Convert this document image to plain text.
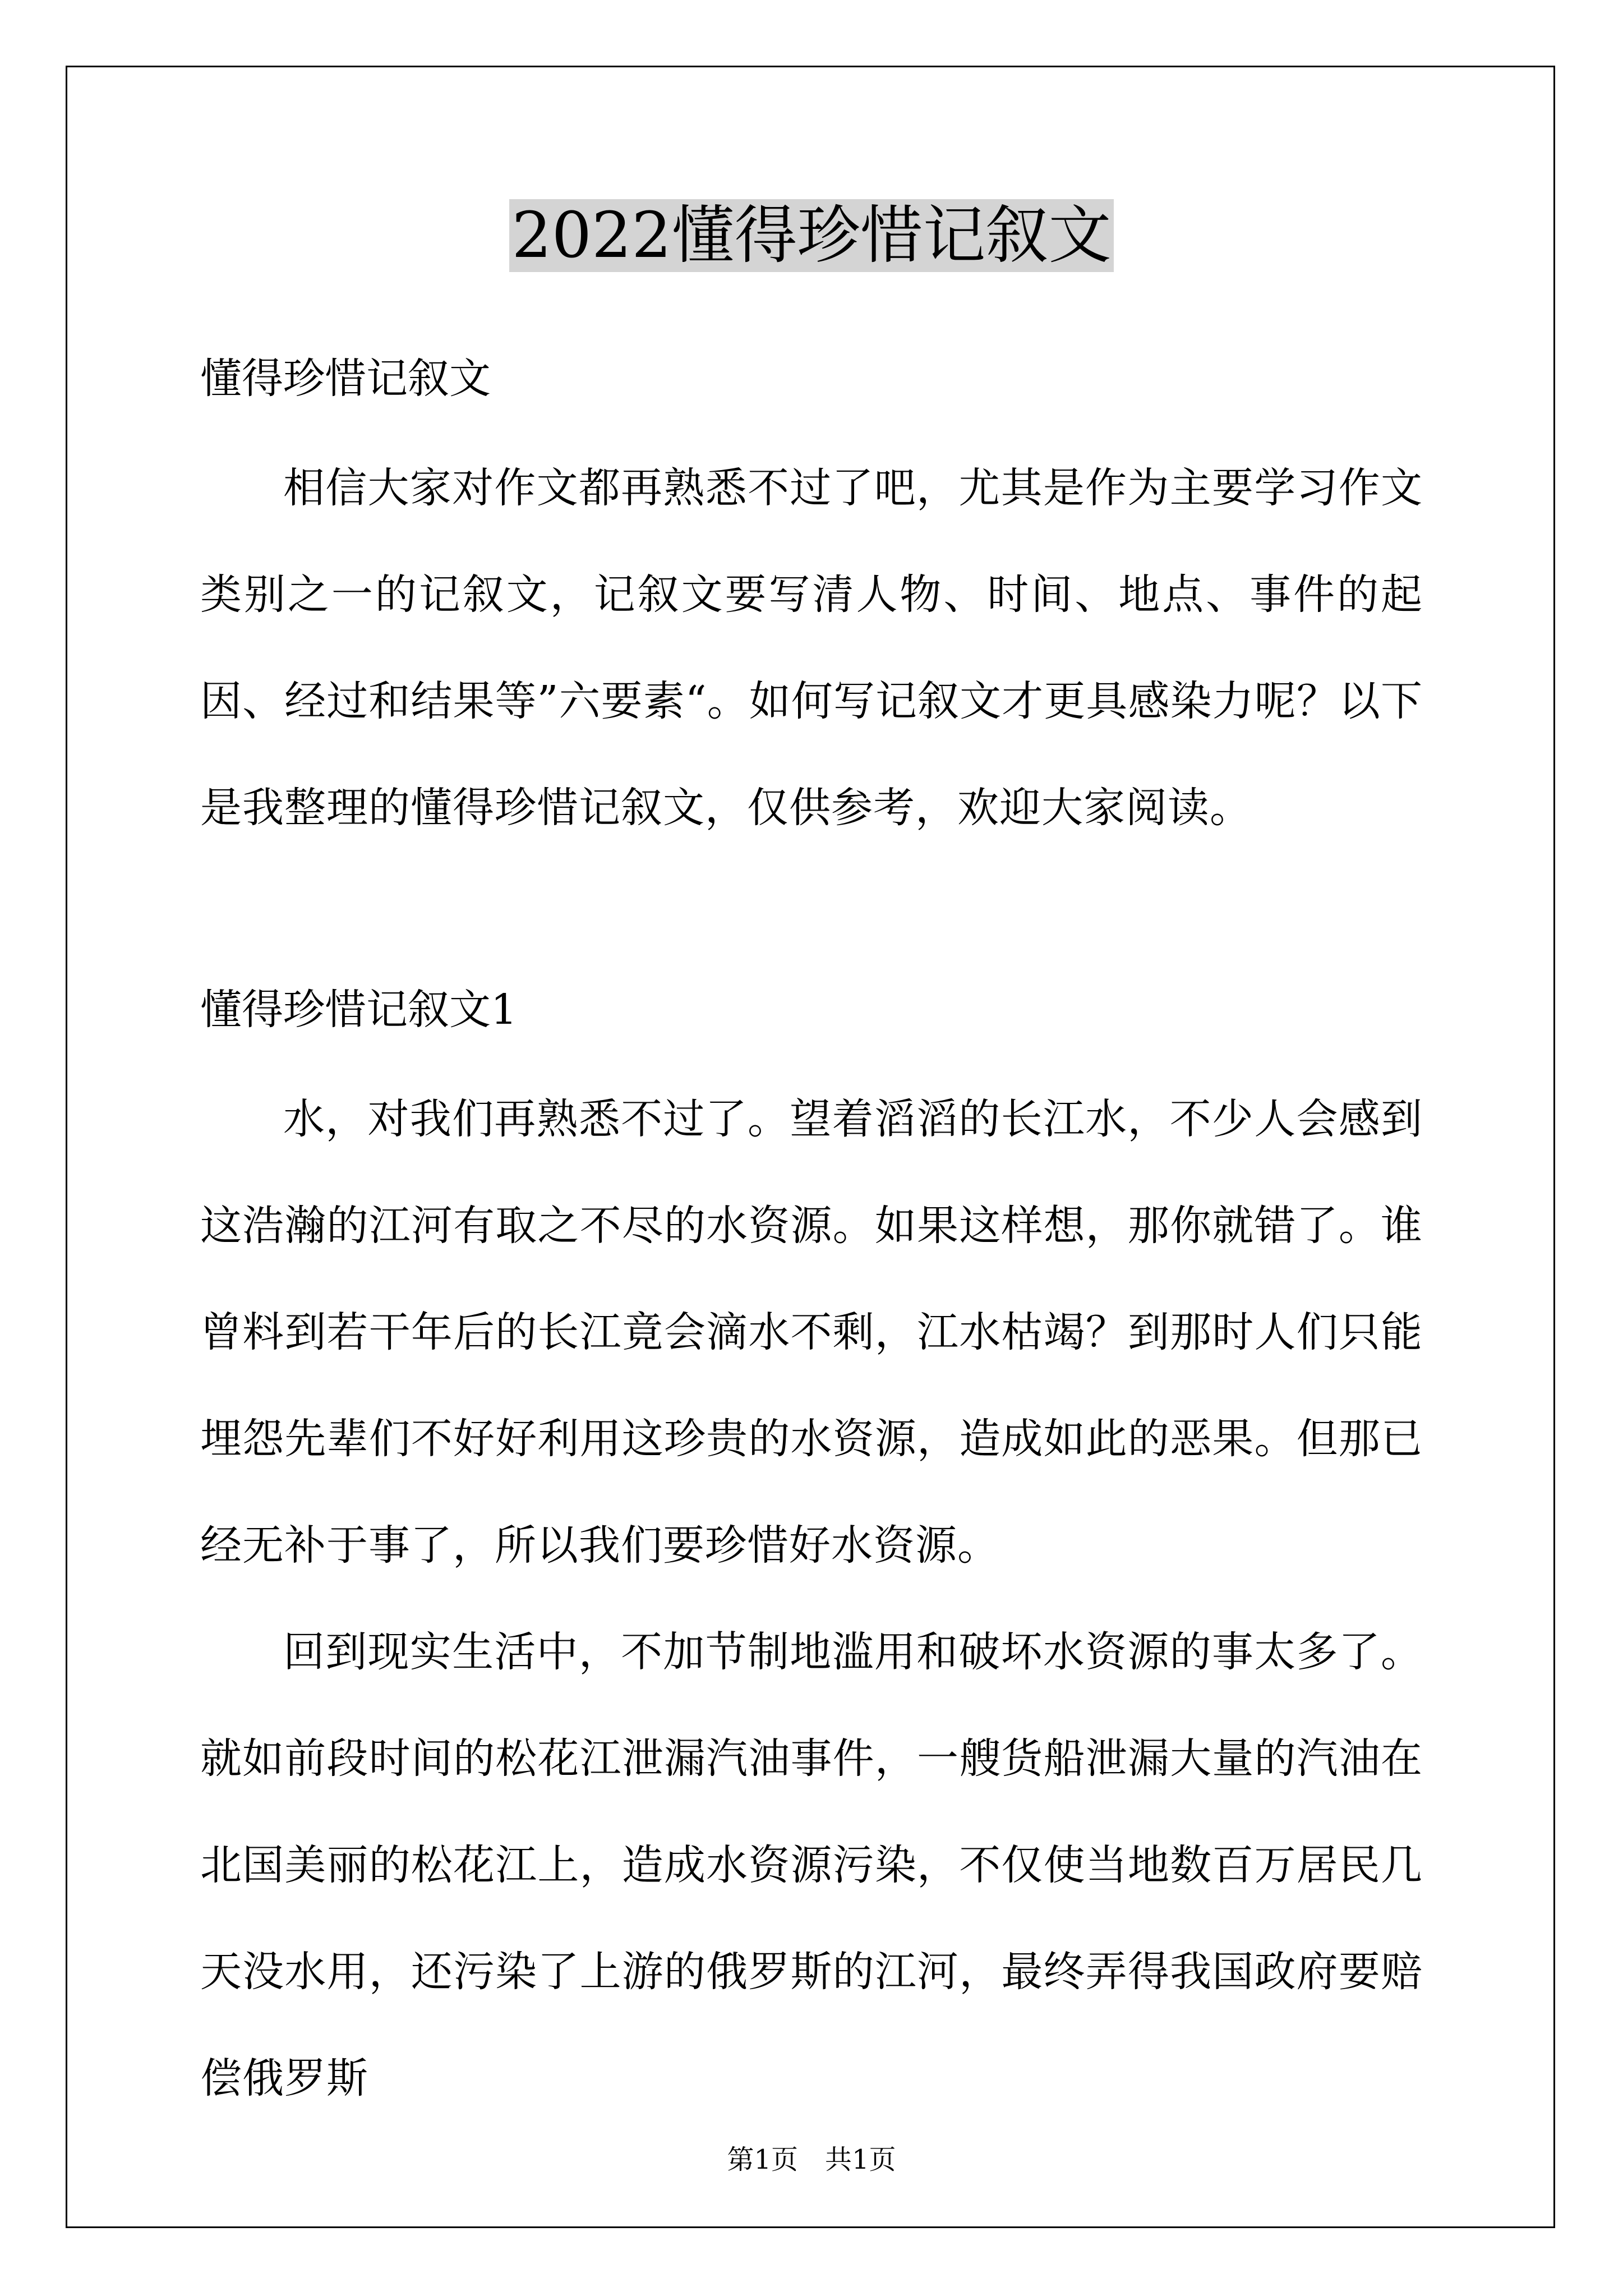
2022懂得珍惜记叙文
懂得珍惜记叙文
相信大家对作文都再熟悉不过了吧，尤其是作为主要学习作文类别之一的记叙文，记叙文要写清人物、时间、地点、事件的起因、经过和结果等”六要素“。如何写记叙文才更具感染力呢？以下是我整理的懂得珍惜记叙文，仅供参考，欢迎大家阅读。
懂得珍惜记叙文1
水，对我们再熟悉不过了。望着滔滔的长江水，不少人会感到这浩瀚的江河有取之不尽的水资源。如果这样想，那你就错了。谁曾料到若干年后的长江竟会滴水不剩，江水枯竭？到那时人们只能埋怨先辈们不好好利用这珍贵的水资源，造成如此的恶果。但那已经无补于事了，所以我们要珍惜好水资源。
回到现实生活中，不加节制地滥用和破坏水资源的事太多了。就如前段时间的松花江泄漏汽油事件，一艘货船泄漏大量的汽油在北国美丽的松花江上，造成水资源污染，不仅使当地数百万居民几天没水用，还污染了上游的俄罗斯的江河，最终弄得我国政府要赔偿俄罗斯
第1页　共1页
